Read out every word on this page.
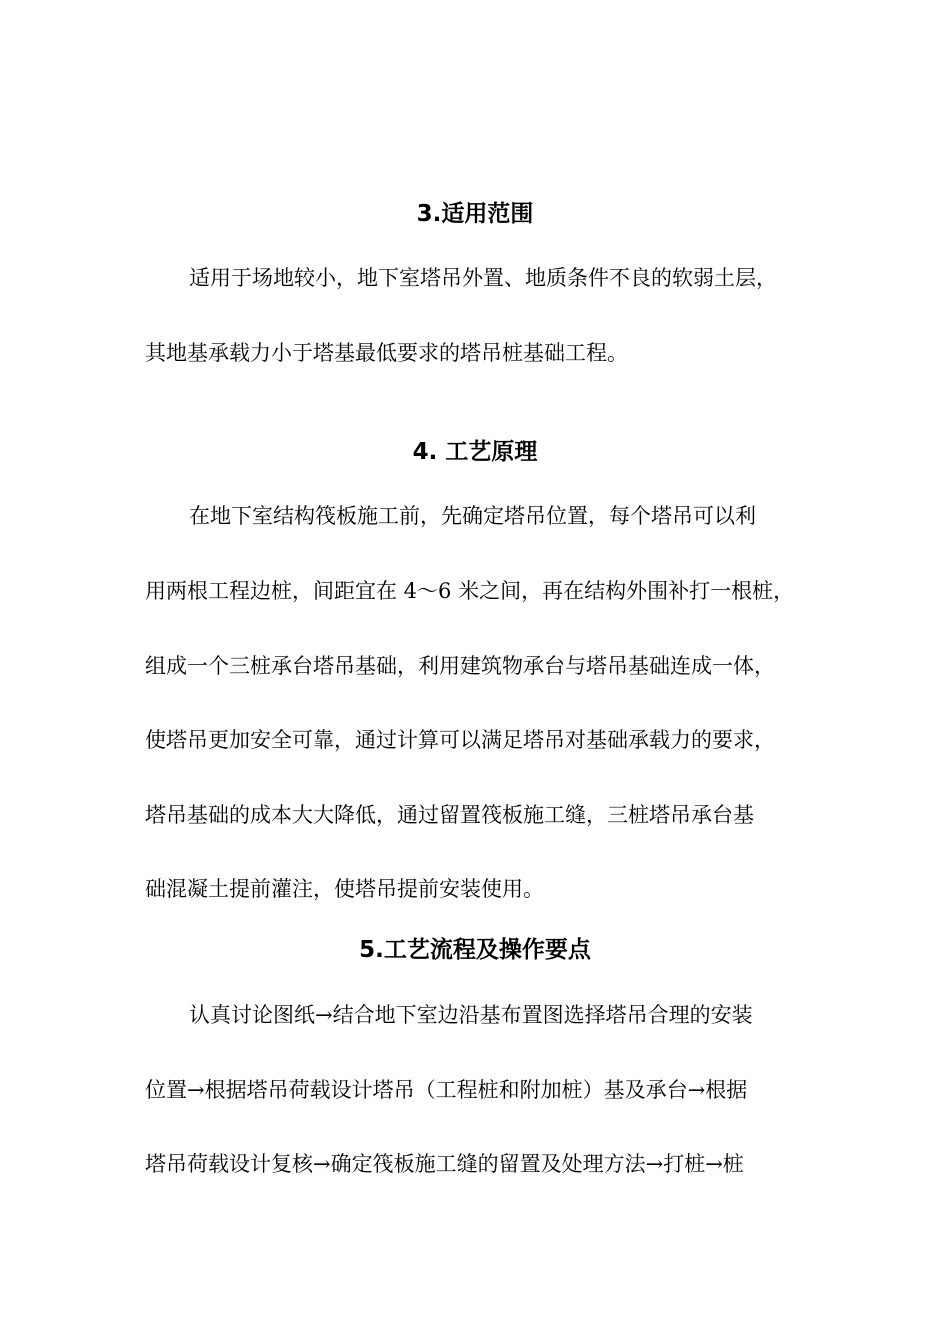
3.适用范围
适用于场地较小，地下室塔吊外置、地质条件不良的软弱土层，
其地基承载力小于塔基最低要求的塔吊桩基础工程。
4. 工艺原理
在地下室结构筏板施工前，先确定塔吊位置，每个塔吊可以利
用两根工程边桩，间距宜在 4～6 米之间，再在结构外围补打一根桩，
组成一个三桩承台塔吊基础，利用建筑物承台与塔吊基础连成一体，
使塔吊更加安全可靠，通过计算可以满足塔吊对基础承载力的要求，
塔吊基础的成本大大降低，通过留置筏板施工缝，三桩塔吊承台基
础混凝土提前灌注，使塔吊提前安装使用。
5.工艺流程及操作要点
认真讨论图纸→结合地下室边沿基布置图选择塔吊合理的安装
位置→根据塔吊荷载设计塔吊（工程桩和附加桩）基及承台→根据
塔吊荷载设计复核→确定筏板施工缝的留置及处理方法→打桩→桩
